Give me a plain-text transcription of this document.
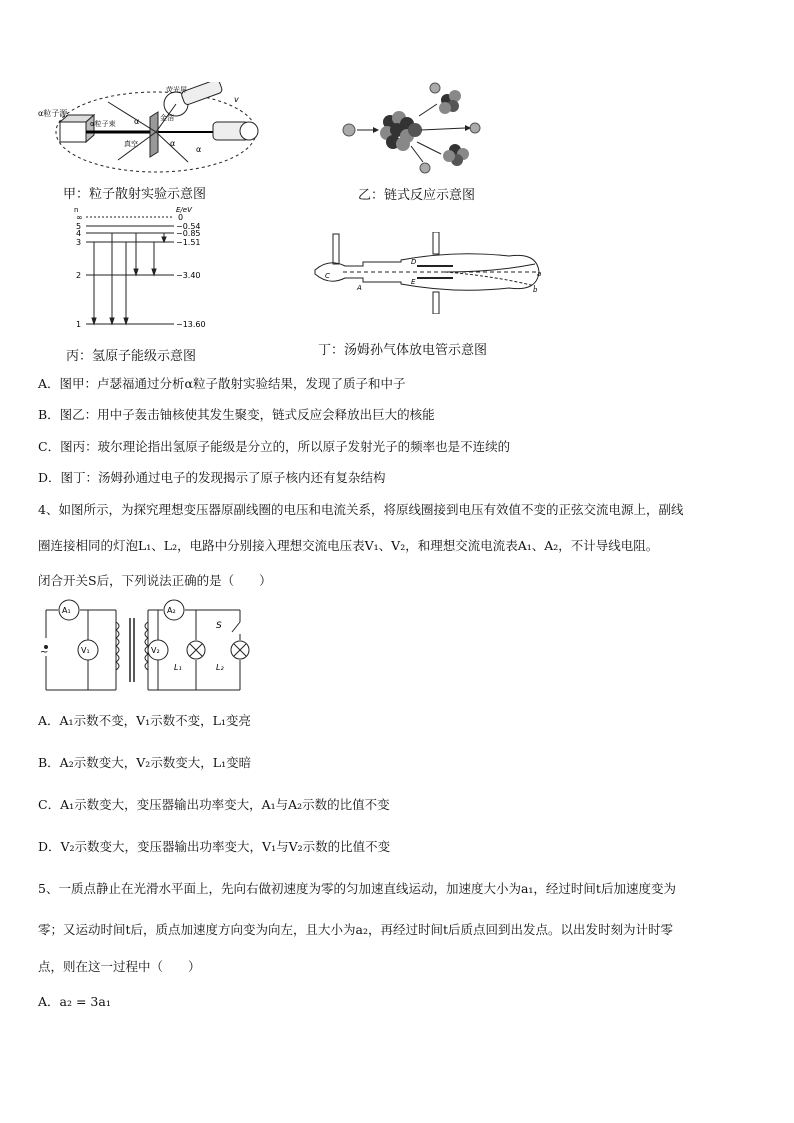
α粒子源
α粒子束
荧光屏
金箔
真空
α
α
α
v
甲：粒子散射实验示意图	乙：链式反应示意图
n	E/eV
∞
5
4
3
2
1
0
−0.54
−0.85
−1.51
−3.40
−13.60
丙：氢原子能级示意图
C
A
D
E
a
b
丁：汤姆孙气体放电管示意图
A．图甲：卢瑟福通过分析α粒子散射实验结果，发现了质子和中子
B．图乙：用中子轰击铀核使其发生聚变，链式反应会释放出巨大的核能
C．图丙：玻尔理论指出氢原子能级是分立的，所以原子发射光子的频率也是不连续的
D．图丁：汤姆孙通过电子的发现揭示了原子核内还有复杂结构
4、如图所示，为探究理想变压器原副线圈的电压和电流关系，将原线圈接到电压有效值不变的正弦交流电源上，副线
圈连接相同的灯泡L₁、L₂，电路中分别接入理想交流电压表V₁、V₂，和理想交流电流表A₁、A₂，不计导线电阻。
闭合开关S后，下列说法正确的是（　　）
A₁
V₁
A₂
V₂
L₁	L₂
S
~
A．A₁示数不变，V₁示数不变，L₁变亮
B．A₂示数变大，V₂示数变大，L₁变暗
C．A₁示数变大，变压器输出功率变大，A₁与A₂示数的比值不变
D．V₂示数变大，变压器输出功率变大，V₁与V₂示数的比值不变
5、一质点静止在光滑水平面上，先向右做初速度为零的匀加速直线运动，加速度大小为a₁，经过时间t后加速度变为
零；又运动时间t后，质点加速度方向变为向左，且大小为a₂，再经过时间t后质点回到出发点。以出发时刻为计时零
点，则在这一过程中（　　）
A．a₂ = 3a₁
